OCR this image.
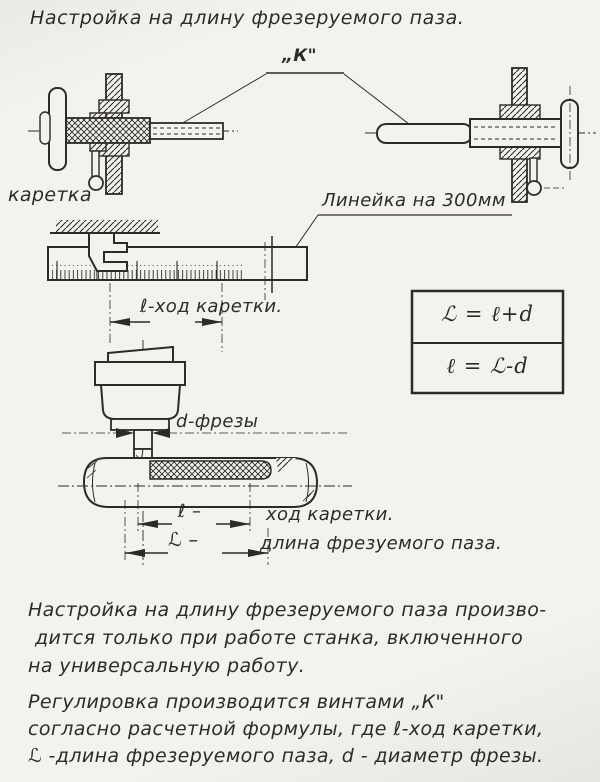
Настройка на длину фрезеруемого паза.
„К"
каретка	Линейка на 300мм
ℓ-ход каретки.	ℒ = ℓ+d
ℓ = ℒ-d
d-фрезы
ℓ –	ход каретки.
ℒ –	длина фрезуемого паза.
Настройка на длину фрезеруемого паза произво-
дится только при работе станка, включенного
на универсальную работу.
Регулировка производится винтами „К"
согласно расчетной формулы, где ℓ-ход каретки,
ℒ -длина фрезеруемого паза, d - диаметр фрезы.
